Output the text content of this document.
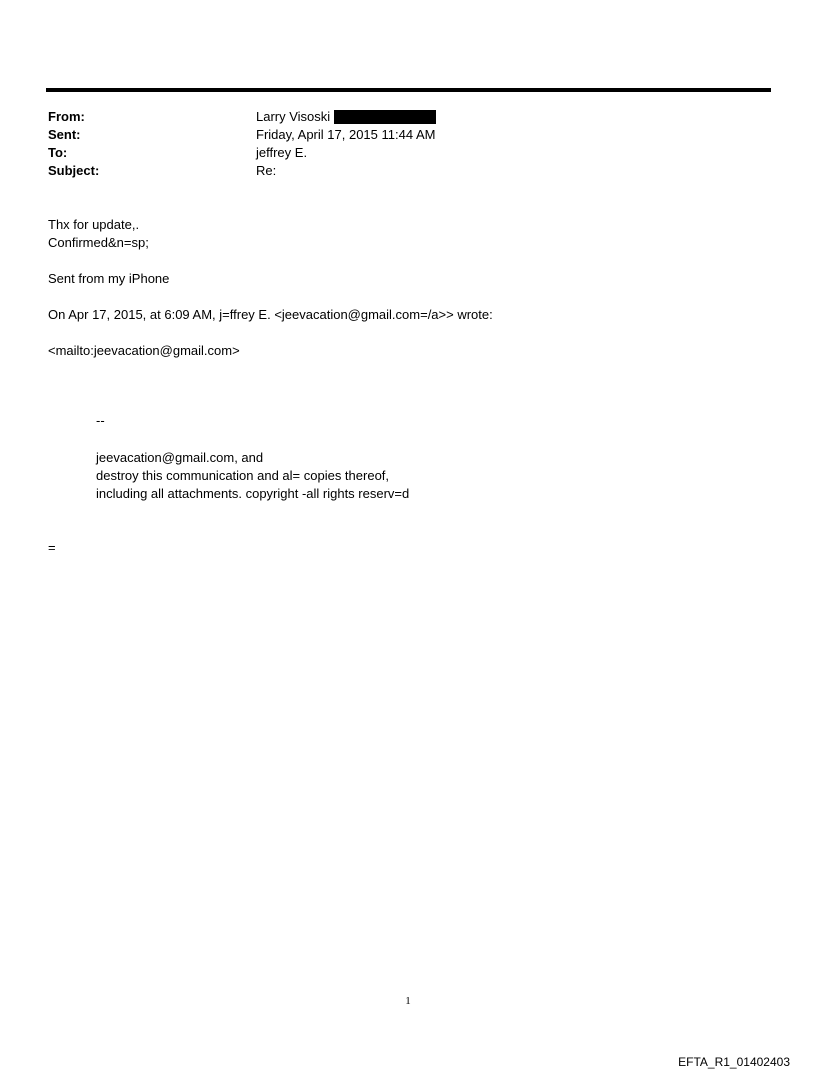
From:	Larry Visoski
Sent:	Friday, April 17, 2015 11:44 AM
To:	jeffrey E.
Subject:	Re:
Thx for update,.
Confirmed&n=sp;
Sent from my iPhone
On Apr 17, 2015, at 6:09 AM, j=ffrey E. <jeevacation@gmail.com=/a>> wrote:
<mailto:jeevacation@gmail.com>
--
jeevacation@gmail.com, and
destroy this communication and al= copies thereof,
including all attachments. copyright -all rights reserv=d
=
1
EFTA_R1_01402403
